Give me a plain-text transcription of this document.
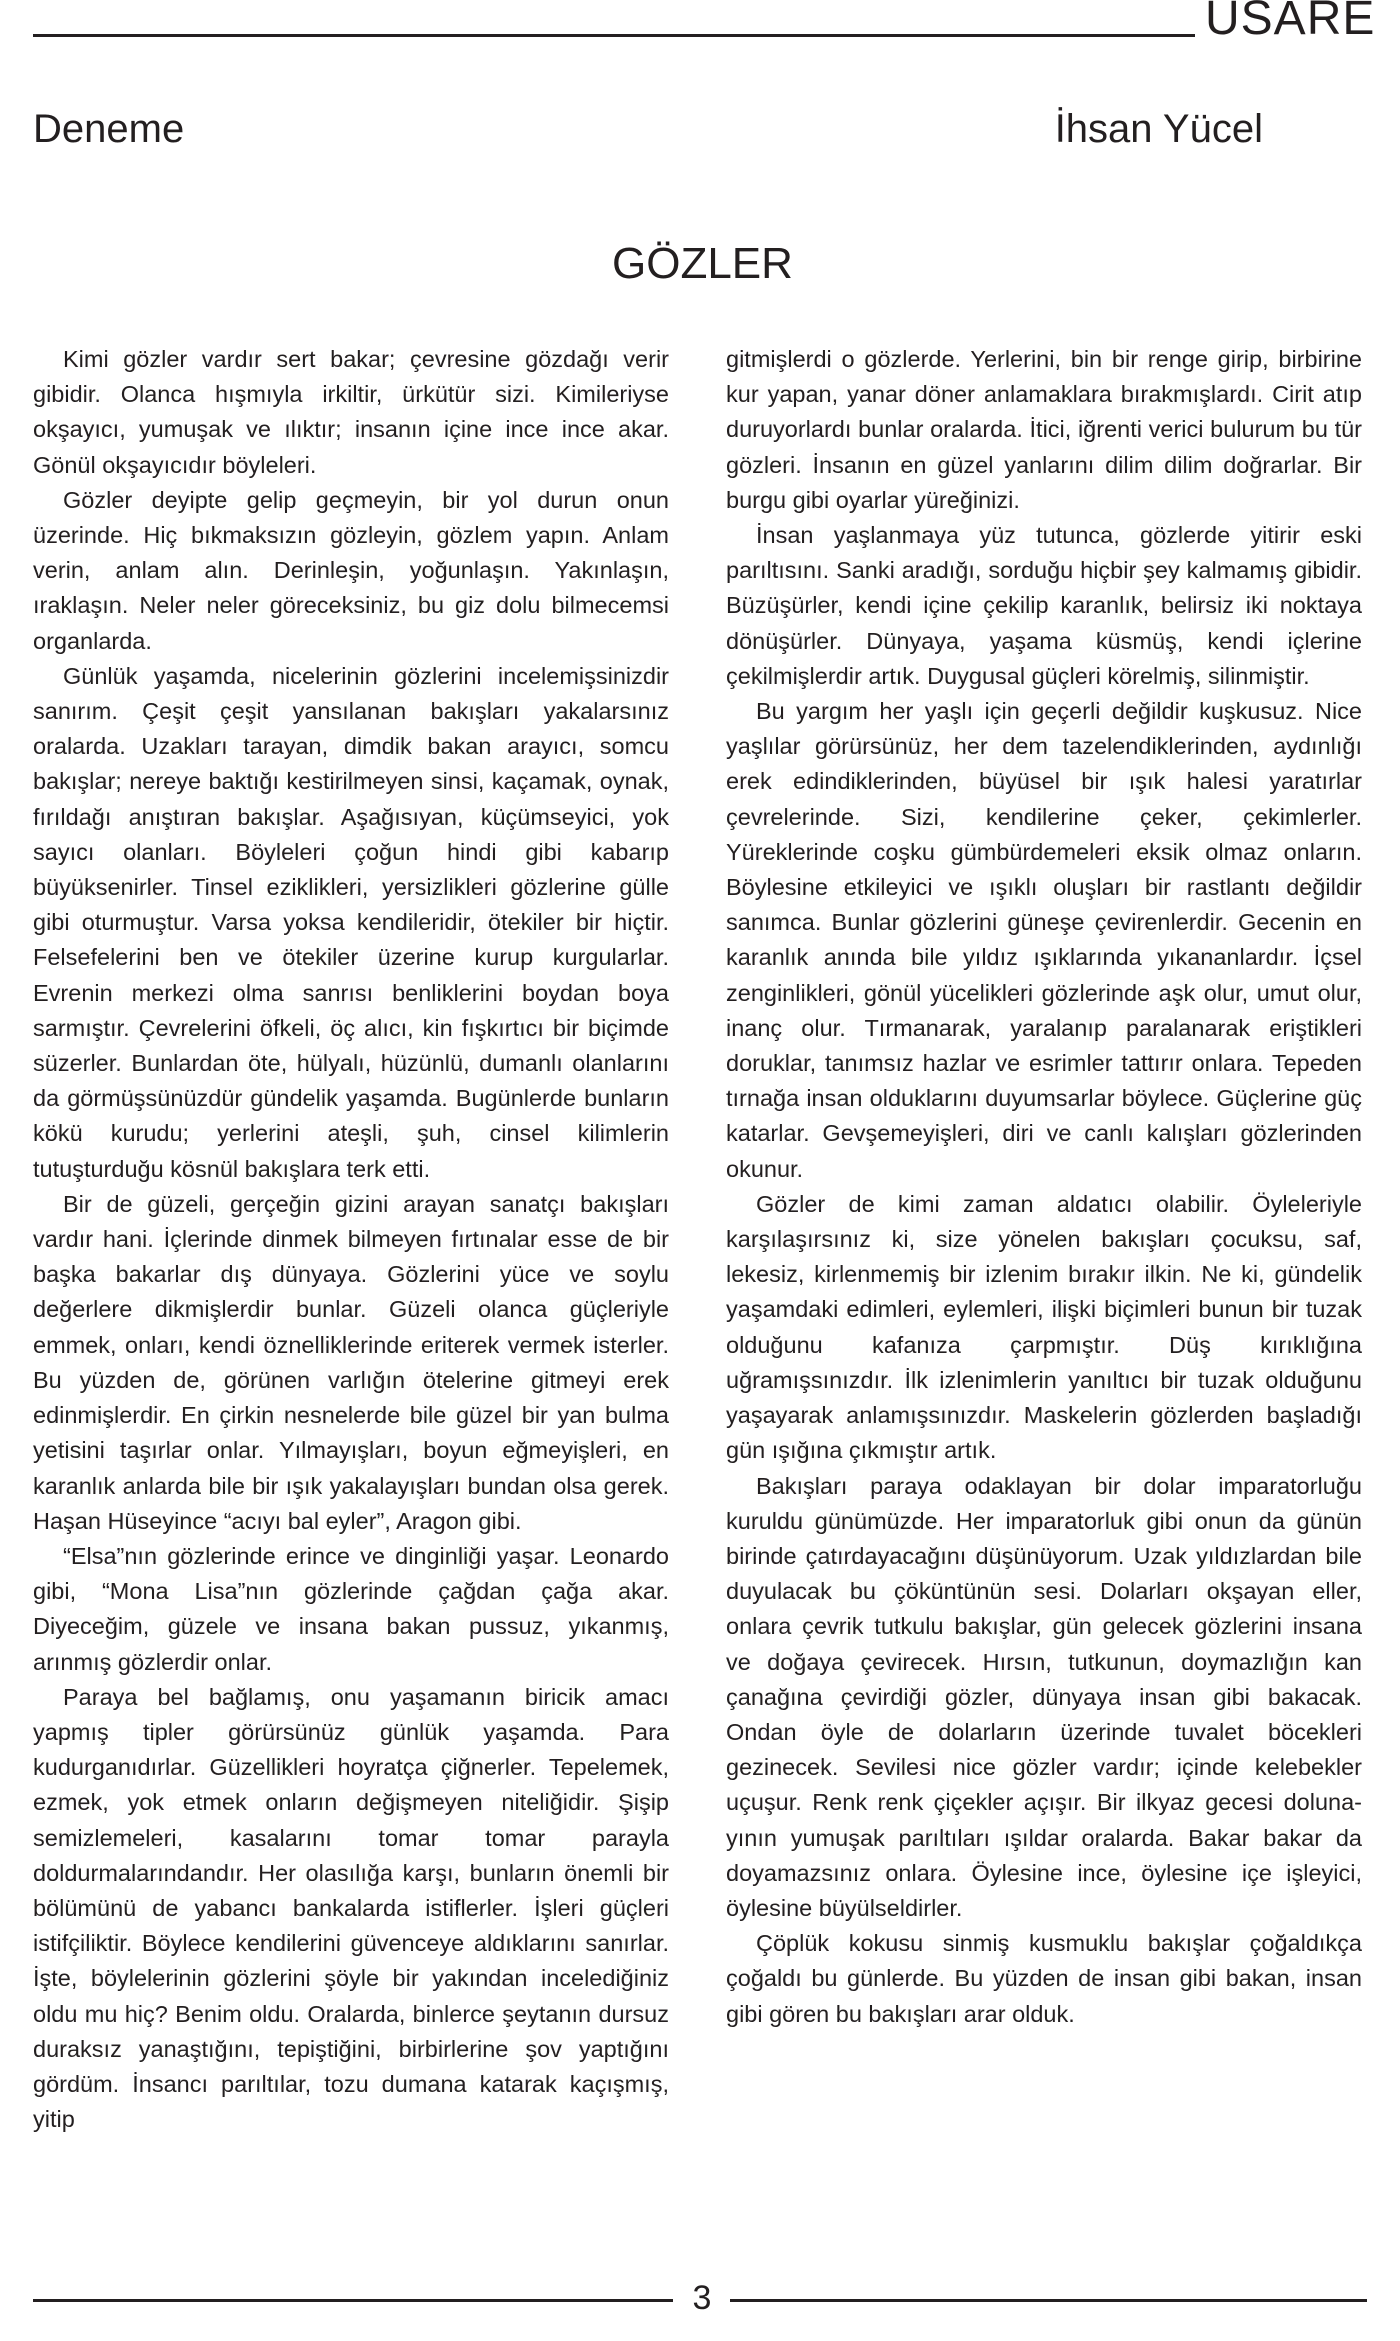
USARE
Deneme	İhsan Yücel
GÖZLER

Kimi gözler vardır sert bakar; çevresine gözdağı verir gibidir. Olanca hışmıyla irkiltir, ürkütür sizi. Kimileriyse okşayıcı, yumuşak ve ılıktır; insanın içine ince ince akar. Gönül okşayıcıdır böyleleri.

Gözler deyipte gelip geçmeyin, bir yol durun onun üzerinde. Hiç bıkmaksızın gözleyin, gözlem yapın. Anlam verin, anlam alın. Derinleşin, yoğunlaşın. Yakınlaşın, ıraklaşın. Neler neler göreceksiniz, bu giz dolu bilmecemsi organlarda.

Günlük yaşamda, nicelerinin gözlerini incelemişsinizdir sanırım. Çeşit çeşit yansılanan bakışları yakalarsınız oralarda. Uzakları tarayan, dimdik bakan arayıcı, somcu bakışlar; nereye baktığı kestirilmeyen sinsi, kaçamak, oynak, fırıldağı anıştıran bakışlar. Aşağısıyan, küçümseyici, yok sayıcı olanları. Böyleleri çoğun hindi gibi kabarıp büyüksenirler. Tinsel eziklikleri, yersizlikleri gözlerine gülle gibi oturmuştur. Varsa yoksa kendileridir, ötekiler bir hiçtir. Felsefelerini ben ve ötekiler üzerine kurup kurgularlar. Evrenin merkezi olma sanrısı benliklerini boydan boya sarmıştır. Çevrelerini öfkeli, öç alıcı, kin fışkırtıcı bir biçimde süzerler. Bunlardan öte, hülyalı, hüzünlü, dumanlı olanlarını da görmüşsünüzdür gündelik yaşamda. Bugünlerde bunların kökü kurudu; yerlerini ateşli, şuh, cinsel kilimlerin tutuşturduğu kösnül bakışlara terk etti.

Bir de güzeli, gerçeğin gizini arayan sanatçı bakışları vardır hani. İçlerinde dinmek bilmeyen fırtınalar esse de bir başka bakarlar dış dünyaya. Gözlerini yüce ve soylu değerlere dikmişlerdir bunlar. Güzeli olanca güçleriyle emmek, onları, kendi öznelliklerinde eriterek vermek isterler. Bu yüzden de, görünen varlığın ötelerine gitmeyi erek edinmişlerdir. En çirkin nesnelerde bile güzel bir yan bulma yetisini taşırlar onlar. Yılmayışları, boyun eğmeyişleri, en karanlık anlarda bile bir ışık yakalayışları bundan olsa gerek. Haşan Hüseyince “acıyı bal eyler”, Aragon gibi.

“Elsa”nın gözlerinde erince ve dinginliği yaşar. Leonardo gibi, “Mona Lisa”nın gözlerinde çağdan çağa akar. Diyeceğim, güzele ve insana bakan pussuz, yıkanmış, arınmış gözlerdir onlar.

Paraya bel bağlamış, onu yaşamanın biricik amacı yapmış tipler görürsünüz günlük yaşamda. Para kudurganıdırlar. Güzellikleri hoyratça çiğnerler. Tepelemek, ezmek, yok etmek onların değişmeyen niteliğidir. Şişip semizlemeleri, kasalarını tomar tomar parayla doldurmalarındandır. Her olasılığa karşı, bunların önemli bir bölümünü de yabancı bankalarda istiflerler. İşleri güçleri istifçiliktir. Böylece kendilerini güvenceye aldıklarını sanırlar. İşte, böylelerinin gözlerini şöyle bir yakından incelediğiniz oldu mu hiç? Benim oldu. Oralarda, binlerce şeytanın dursuz duraksız yanaştığını, tepiştiğini, birbirlerine şov yaptığını gördüm. İnsancı parıltılar, tozu dumana katarak kaçışmış, yitip

gitmişlerdi o gözlerde. Yerlerini, bin bir renge girip, birbirine kur yapan, yanar döner anlamaklara bırakmışlardı. Cirit atıp duruyorlardı bunlar oralarda. İtici, iğrenti verici bulurum bu tür gözleri. İnsanın en güzel yanlarını dilim dilim doğrarlar. Bir burgu gibi oyarlar yüreğinizi.

İnsan yaşlanmaya yüz tutunca, gözlerde yitirir eski parıltısını. Sanki aradığı, sorduğu hiçbir şey kalmamış gibidir. Büzüşürler, kendi içine çekilip karanlık, belirsiz iki noktaya dönüşürler. Dünyaya, yaşama küsmüş, kendi içlerine çekilmişlerdir artık. Duygusal güçleri körelmiş, silinmiştir.

Bu yargım her yaşlı için geçerli değildir kuşkusuz. Nice yaşlılar görürsünüz, her dem tazelendiklerinden, aydınlığı erek edindiklerinden, büyüsel bir ışık halesi yaratırlar çevrelerinde. Sizi, kendilerine çeker, çekimlerler. Yüreklerinde coşku gümbürdemeleri eksik olmaz onların. Böylesine etkileyici ve ışıklı oluşları bir rastlantı değildir sanımca. Bunlar gözlerini güneşe çevirenlerdir. Gecenin en karanlık anında bile yıldız ışıklarında yıkananlardır. İçsel zenginlikleri, gönül yücelikleri gözlerinde aşk olur, umut olur, inanç olur. Tırmanarak, yaralanıp paralanarak eriştikleri doruklar, tanımsız hazlar ve esrimler tattırır onlara. Tepeden tırnağa insan olduklarını duyumsarlar böylece. Güçlerine güç katarlar. Gevşemeyişleri, diri ve canlı kalışları gözlerinden okunur.

Gözler de kimi zaman aldatıcı olabilir. Öyleleriyle karşılaşırsınız ki, size yönelen bakışları çocuksu, saf, lekesiz, kirlenmemiş bir izlenim bırakır ilkin. Ne ki, gündelik yaşamdaki edimleri, eylemleri, ilişki biçimleri bunun bir tuzak olduğunu kafanıza çarpmıştır. Düş kırıklığına uğramışsınızdır. İlk izlenimlerin yanıltıcı bir tuzak olduğunu yaşayarak anlamışsınızdır. Maskelerin gözlerden başladığı gün ışığına çıkmıştır artık.

Bakışları paraya odaklayan bir dolar imparatorluğu kuruldu günümüzde. Her imparatorluk gibi onun da günün birinde çatırdayacağını düşünüyorum. Uzak yıldızlardan bile duyulacak bu çöküntünün sesi. Dolarları okşayan eller, onlara çevrik tutkulu bakışlar, gün gelecek gözlerini insana ve doğaya çevirecek. Hırsın, tutkunun, doymazlığın kan çanağına çevirdiği gözler, dünyaya insan gibi bakacak. Ondan öyle de dolarların üzerinde tuvalet böcekleri gezinecek. Sevilesi nice gözler vardır; içinde kelebekler uçuşur. Renk renk çiçekler açışır. Bir ilkyaz gecesi doluna-yının yumuşak parıltıları ışıldar oralarda. Bakar bakar da doyamazsınız onlara. Öylesine ince, öylesine içe işleyici, öylesine büyülseldirler.

Çöplük kokusu sinmiş kusmuklu bakışlar çoğaldıkça çoğaldı bu günlerde. Bu yüzden de insan gibi bakan, insan gibi gören bu bakışları arar olduk.

3
